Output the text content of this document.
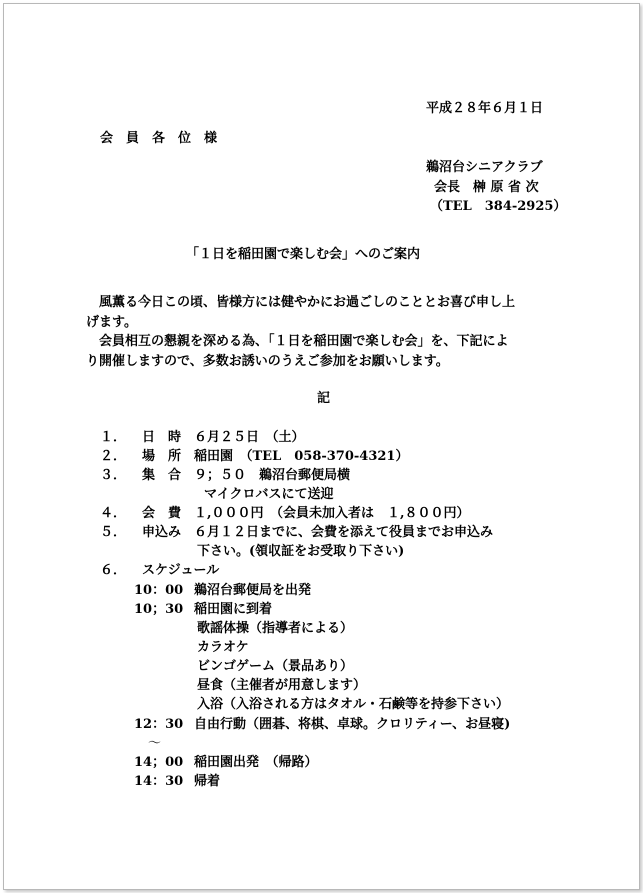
平成２８年６月１日
会　員　各　位　様
鵜沼台シニアクラブ
会長　榊 原 省 次
（TEL　384-2925）
「１日を稲田園で楽しむ会」へのご案内
　風薫る今日この頃、皆様方には健やかにお過ごしのこととお喜び申し上
げます。
　会員相互の懇親を深める為、「１日を稲田園で楽しむ会」を、下記によ
り開催しますので、多数お誘いのうえご参加をお願いします。
記
１． 日　時　６月２５日　（土）
２． 場　所　稲田園　（TEL　058-370-4321）
３． 集　合　９；５０　鵜沼台郵便局横
マイクロバスにて送迎
４． 会　費　１,０００円　（会員未加入者は　１,８００円）
５． 申込み　６月１２日までに、会費を添えて役員までお申込み
下さい。(領収証をお受取り下さい)
６． スケジュール
10：00 鵜沼台郵便局を出発
10；30 稲田園に到着
歌謡体操（指導者による）
カラオケ
ビンゴゲーム（景品あり）
昼食（主催者が用意します）
入浴（入浴される方はタオル・石鹸等を持参下さい）
12：30 自由行動（囲碁、将棋、卓球。クロリティー、お昼寝)
～
14；00 稲田園出発　（帰路）
14：30 帰着
